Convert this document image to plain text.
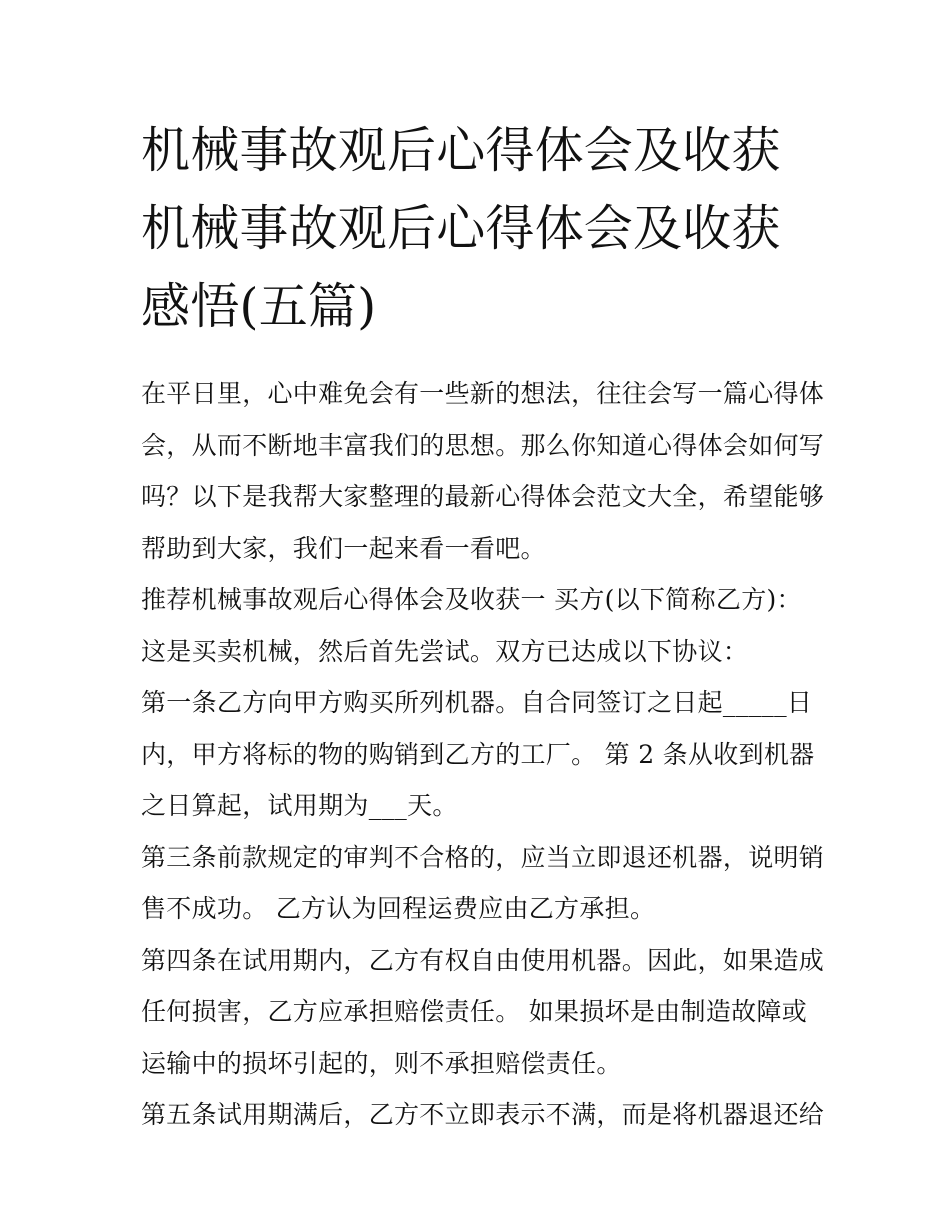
机械事故观后心得体会及收获
机械事故观后心得体会及收获
感悟(五篇)
在平日里，心中难免会有一些新的想法，往往会写一篇心得体
会，从而不断地丰富我们的思想。那么你知道心得体会如何写
吗？以下是我帮大家整理的最新心得体会范文大全，希望能够
帮助到大家，我们一起来看一看吧。
推荐机械事故观后心得体会及收获一 买方(以下简称乙方)：
这是买卖机械，然后首先尝试。双方已达成以下协议：
第一条乙方向甲方购买所列机器。自合同签订之日起_____日
内，甲方将标的物的购销到乙方的工厂。 第 2 条从收到机器
之日算起，试用期为___天。
第三条前款规定的审判不合格的，应当立即退还机器，说明销
售不成功。 乙方认为回程运费应由乙方承担。
第四条在试用期内，乙方有权自由使用机器。因此，如果造成
任何损害，乙方应承担赔偿责任。 如果损坏是由制造故障或
运输中的损坏引起的，则不承担赔偿责任。
第五条试用期满后，乙方不立即表示不满，而是将机器退还给
